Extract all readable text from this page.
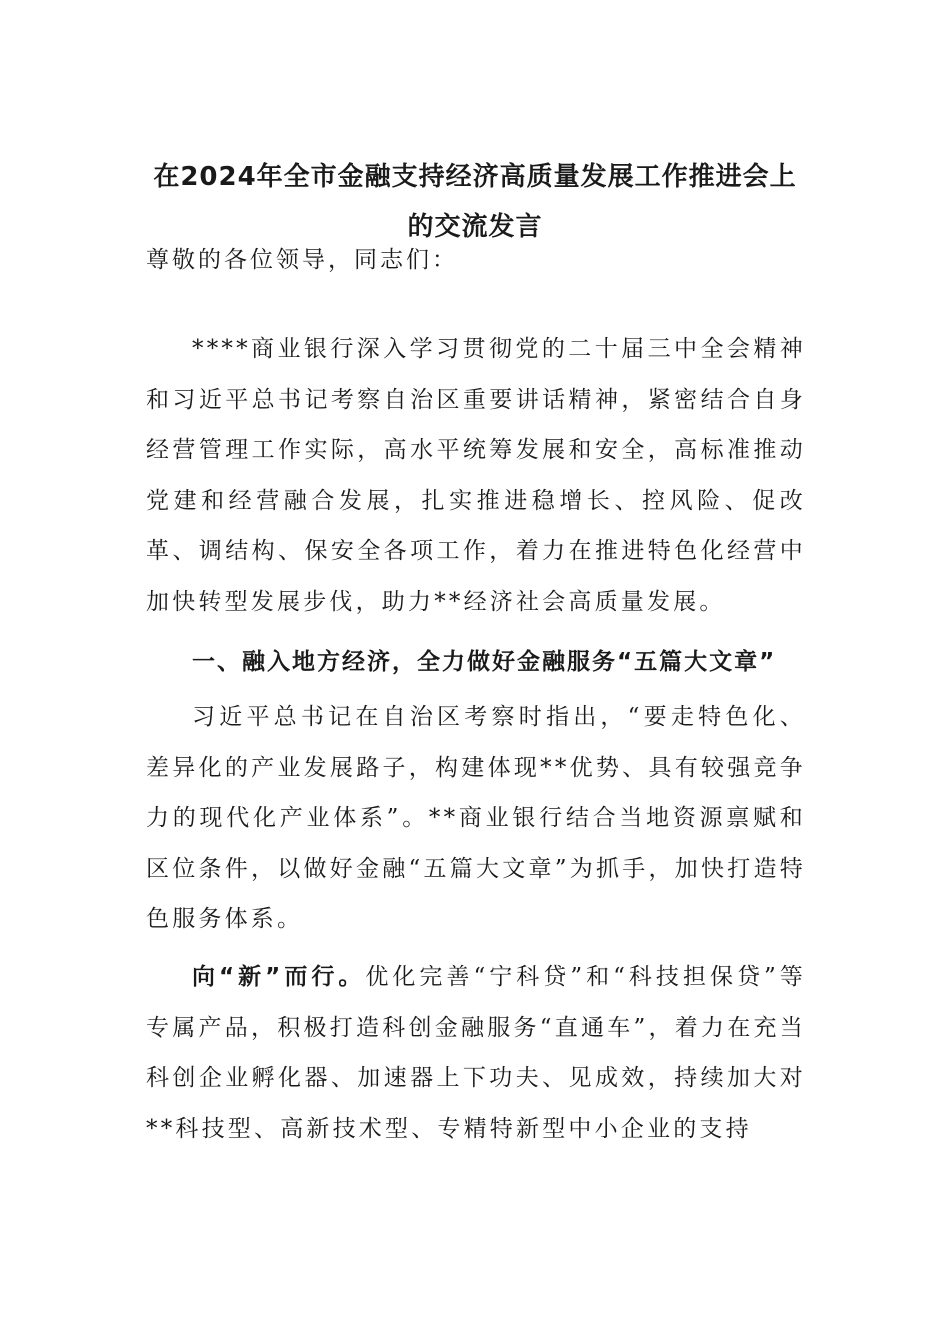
在2024年全市金融支持经济高质量发展工作推进会上的交流发言
尊敬的各位领导，同志们：
****商业银行深入学习贯彻党的二十届三中全会精神和习近平总书记考察自治区重要讲话精神，紧密结合自身经营管理工作实际，高水平统筹发展和安全，高标准推动党建和经营融合发展，扎实推进稳增长、控风险、促改革、调结构、保安全各项工作，着力在推进特色化经营中加快转型发展步伐，助力**经济社会高质量发展。
一、融入地方经济，全力做好金融服务“五篇大文章”
习近平总书记在自治区考察时指出，“要走特色化、差异化的产业发展路子，构建体现**优势、具有较强竞争力的现代化产业体系”。**商业银行结合当地资源禀赋和区位条件，以做好金融“五篇大文章”为抓手，加快打造特色服务体系。
向“新”而行。优化完善“宁科贷”和“科技担保贷”等专属产品，积极打造科创金融服务“直通车”，着力在充当科创企业孵化器、加速器上下功夫、见成效，持续加大对**科技型、高新技术型、专精特新型中小企业的支持
